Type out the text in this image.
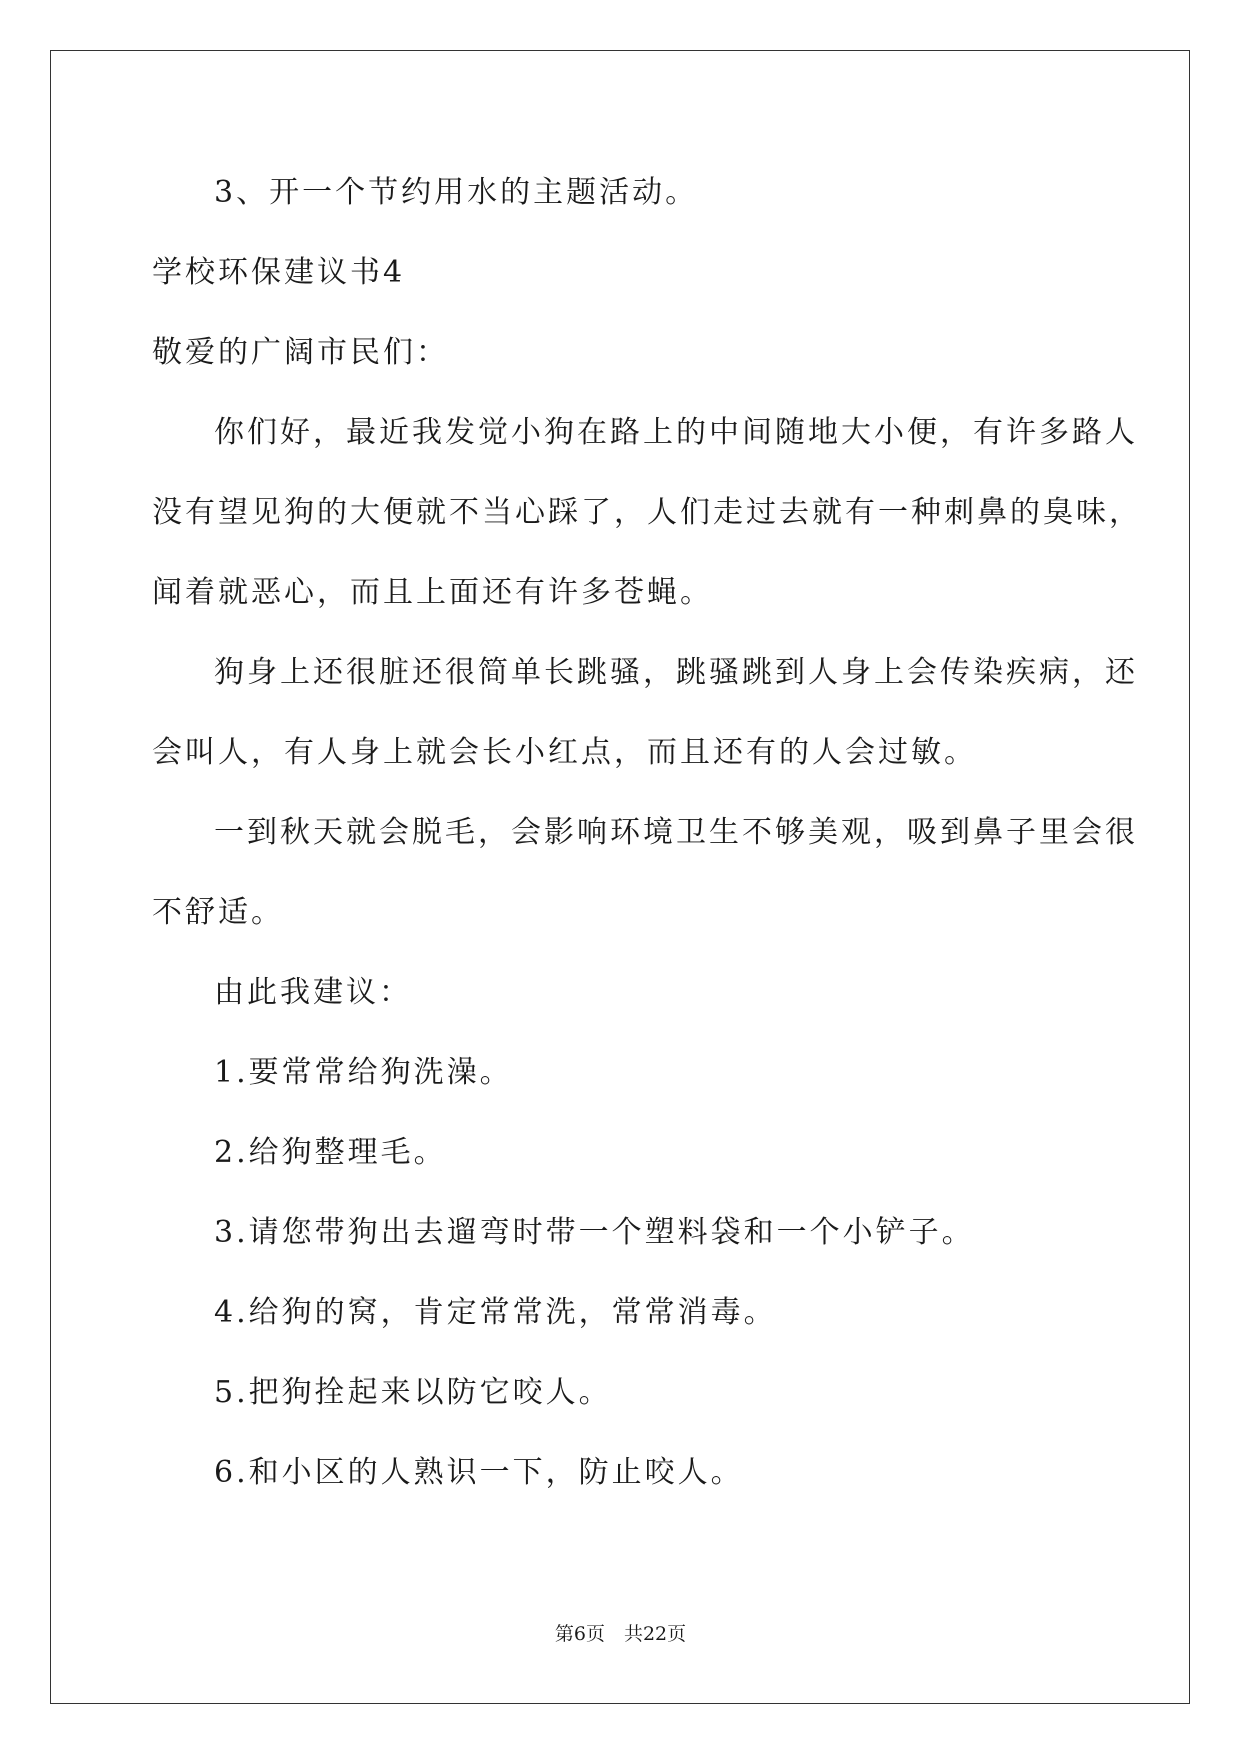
3、开一个节约用水的主题活动。
学校环保建议书4
敬爱的广阔市民们：
你们好，最近我发觉小狗在路上的中间随地大小便，有许多路人
没有望见狗的大便就不当心踩了，人们走过去就有一种刺鼻的臭味，
闻着就恶心，而且上面还有许多苍蝇。
狗身上还很脏还很简单长跳骚，跳骚跳到人身上会传染疾病，还
会叫人，有人身上就会长小红点，而且还有的人会过敏。
一到秋天就会脱毛，会影响环境卫生不够美观，吸到鼻子里会很
不舒适。
由此我建议：
1.要常常给狗洗澡。
2.给狗整理毛。
3.请您带狗出去遛弯时带一个塑料袋和一个小铲子。
4.给狗的窝，肯定常常洗，常常消毒。
5.把狗拴起来以防它咬人。
6.和小区的人熟识一下，防止咬人。
第6页　共22页
